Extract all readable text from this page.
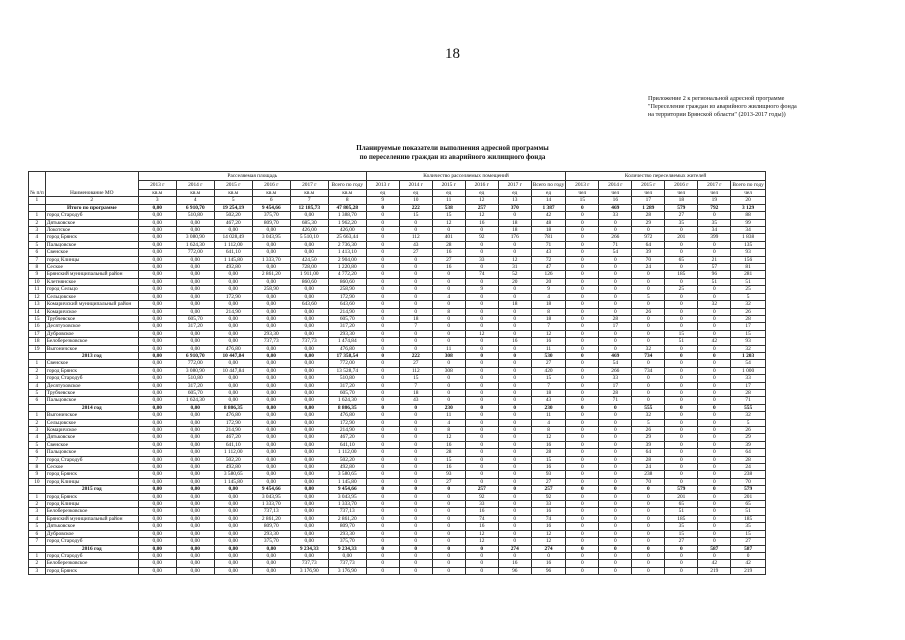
18
Приложение 2 к региональной адресной программе
"Переселение граждан из аварийного жилищного фонда
на территории Брянской области" (2013-2017 годы))
Планируемые показатели выполнения адресной программы
по переселению граждан из аварийного жилищного фонда
№ п/п	Наименование МО	Расселяемая площадь						Количество расселяемых помещений						Количество переселяемых жителей					
		2013 г	2014 г	2015 г	2016 г	2017 г	Всего по году	2013 г	2014 г	2015 г	2016 г	2017 г	Всего по году	2013 г	2014 г	2015 г	2016 г	2017 г	Всего по году
		кв.м	кв.м	кв.м	кв.м	кв.м	кв.м	ед	ед	ед	ед	ед	ед	чел	чел	чел	чел	чел	чел
1	2	3	4	5	6	7	8	9	10	11	12	13	14	15	16	17	18	19	20
	Итого по программе	0,00	6 910,70	19 254,19	9 454,66	12 185,73	47 805,28	0	222	538	257	370	1 387	0	469	1 289	579	792	3 129
1	город Стародуб	0,00	510,80	502,20	375,70	0,00	1 388,70	0	15	15	12	0	42	0	33	28	27	0	88
2	Дятьковское	0,00	0,00	467,20	809,70	685,30	1 962,20	0	0	12	16	18	48	0	0	29	35	35	99
3	Локотское	0,00	0,00	0,00	0,00	426,00	426,00	0	0	0	0	18	18	0	0	0	0	34	34
4	город Брянск	0,00	3 080,90	14 028,49	3 043,95	5 510,10	25 663,44	0	112	401	92	176	781	0	266	972	201	399	1 838
5	Пальцовское	0,00	1 624,30	1 112,00	0,00	0,00	2 736,30	0	43	28	0	0	71	0	71	64	0	0	135
6	Свенское	0,00	772,00	641,10	0,00	0,00	1 413,10	0	27	16	0	0	43	0	54	39	0	0	93
7	город Клинцы	0,00	0,00	1 145,80	1 333,70	424,50	2 904,00	0	0	27	33	12	72	0	0	70	65	21	156
8	Сеское	0,00	0,00	492,80	0,00	728,00	1 220,80	0	0	16	0	31	47	0	0	24	0	57	81
9	Брянский муниципальный район	0,00	0,00	0,00	2 861,20	1 911,00	4 772,20	0	0	0	74	52	126	0	0	0	185	96	281
10	Клетнянское	0,00	0,00	0,00	0,00	860,60	860,60	0	0	0	0	20	20	0	0	0	0	51	51
11	город Сельцо	0,00	0,00	0,00	258,90	0,00	258,90	0	0	0	9	0	9	0	0	0	25	0	25
12	Сельцовское	0,00	0,00	172,90	0,00	0,00	172,90	0	0	4	0	0	4	0	0	5	0	0	5
13	Комаричский муниципальный район	0,00	0,00	0,00	0,00	643,60	643,60	0	0	0	0	18	18	0	0	0	0	32	32
14	Комаричское	0,00	0,00	214,90	0,00	0,00	214,90	0	0	8	0	0	8	0	0	26	0	0	26
15	Трубчевское	0,00	605,70	0,00	0,00	0,00	605,70	0	18	0	0	0	18	0	28	0	0	0	28
16	Десятуховское	0,00	317,20	0,00	0,00	0,00	317,20	0	7	0	0	0	7	0	17	0	0	0	17
17	Дубровское	0,00	0,00	0,00	293,30	0,00	293,30	0	0	0	12	0	12	0	0	0	15	0	15
18	Белоберезковское	0,00	0,00	0,00	737,73	737,73	1 474,84	0	0	0	0	16	16	0	0	0	51	42	93
19	Выгоничское	0,00	0,00	476,80	0,00	0,00	476,80	0	0	11	0	0	11	0	0	32	0	0	32
	2013 год	0,00	6 910,70	10 447,84	0,00	0,00	17 358,54	0	222	308	0	0	530	0	469	734	0	0	1 203
1	Свенское	0,00	772,00	0,00	0,00	0,00	772,00	0	27	0	0	0	27	0	54	0	0	0	54
2	город Брянск	0,00	3 080,90	10 447,84	0,00	0,00	13 528,74	0	112	308	0	0	420	0	266	734	0	0	1 000
3	город Стародуб	0,00	510,80	0,00	0,00	0,00	510,80	0	15	0	0	0	15	0	33	0	0	0	33
4	Десятуховское	0,00	317,20	0,00	0,00	0,00	317,20	0	7	0	0	0	7	0	17	0	0	0	17
5	Трубчевское	0,00	605,70	0,00	0,00	0,00	605,70	0	18	0	0	0	18	0	28	0	0	0	28
6	Пальцовское	0,00	1 624,30	0,00	0,00	0,00	1 624,30	0	43	0	0	0	43	0	71	0	0	0	71
	2014 год	0,00	0,00	8 806,35	0,00	0,00	8 806,35	0	0	230	0	0	230	0	0	555	0	0	555
1	Выгоничское	0,00	0,00	476,80	0,00	0,00	476,80	0	0	11	0	0	11	0	0	32	0	0	32
2	Сельцовское	0,00	0,00	172,90	0,00	0,00	172,90	0	0	4	0	0	4	0	0	5	0	0	5
3	Комаричское	0,00	0,00	214,90	0,00	0,00	214,90	0	0	8	0	0	8	0	0	26	0	0	26
4	Дятьковское	0,00	0,00	467,20	0,00	0,00	467,20	0	0	12	0	0	12	0	0	29	0	0	29
5	Свенское	0,00	0,00	641,10	0,00	0,00	641,10	0	0	16	0	0	16	0	0	39	0	0	39
6	Пальцовское	0,00	0,00	1 112,00	0,00	0,00	1 112,00	0	0	28	0	0	28	0	0	64	0	0	64
7	город Стародуб	0,00	0,00	502,20	0,00	0,00	502,20	0	0	15	0	0	15	0	0	28	0	0	28
8	Сеское	0,00	0,00	492,80	0,00	0,00	492,80	0	0	16	0	0	16	0	0	24	0	0	24
9	город Брянск	0,00	0,00	3 580,65	0,00	0,00	3 580,65	0	0	93	0	0	93	0	0	238	0	0	238
10	город Клинцы	0,00	0,00	1 145,80	0,00	0,00	1 145,80	0	0	27	0	0	27	0	0	70	0	0	70
	2015 год	0,00	0,00	0,00	9 454,66	0,00	9 454,66	0	0	0	257	0	257	0	0	0	579	0	579
1	город Брянск	0,00	0,00	0,00	3 043,95	0,00	3 043,95	0	0	0	92	0	92	0	0	0	201	0	201
2	город Клинцы	0,00	0,00	0,00	1 333,70	0,00	1 333,70	0	0	0	33	0	33	0	0	0	65	0	65
3	Белоберезковское	0,00	0,00	0,00	737,13	0,00	737,13	0	0	0	16	0	16	0	0	0	51	0	51
4	Брянский муниципальный район	0,00	0,00	0,00	2 861,20	0,00	2 861,20	0	0	0	74	0	74	0	0	0	185	0	185
5	Дятьковское	0,00	0,00	0,00	809,70	0,00	809,70	0	0	0	16	0	16	0	0	0	35	0	35
6	Дубровское	0,00	0,00	0,00	293,30	0,00	293,30	0	0	0	12	0	12	0	0	0	15	0	15
7	город Стародуб	0,00	0,00	0,00	375,70	0,00	375,70	0	0	0	12	0	12	0	0	0	27	0	27
	2016 год	0,00	0,00	0,00	0,00	9 234,33	9 234,33	0	0	0	0	274	274	0	0	0	0	587	587
1	город Стародуб	0,00	0,00	0,00	0,00	0,00	0,00	0	0	0	0	0	0	0	0	0	0	0	0
2	Белоберезковское	0,00	0,00	0,00	0,00	737,73	737,73	0	0	0	0	16	16	0	0	0	0	42	42
3	город Брянск	0,00	0,00	0,00	0,00	3 176,90	3 176,90	0	0	0	0	96	96	0	0	0	0	219	219
